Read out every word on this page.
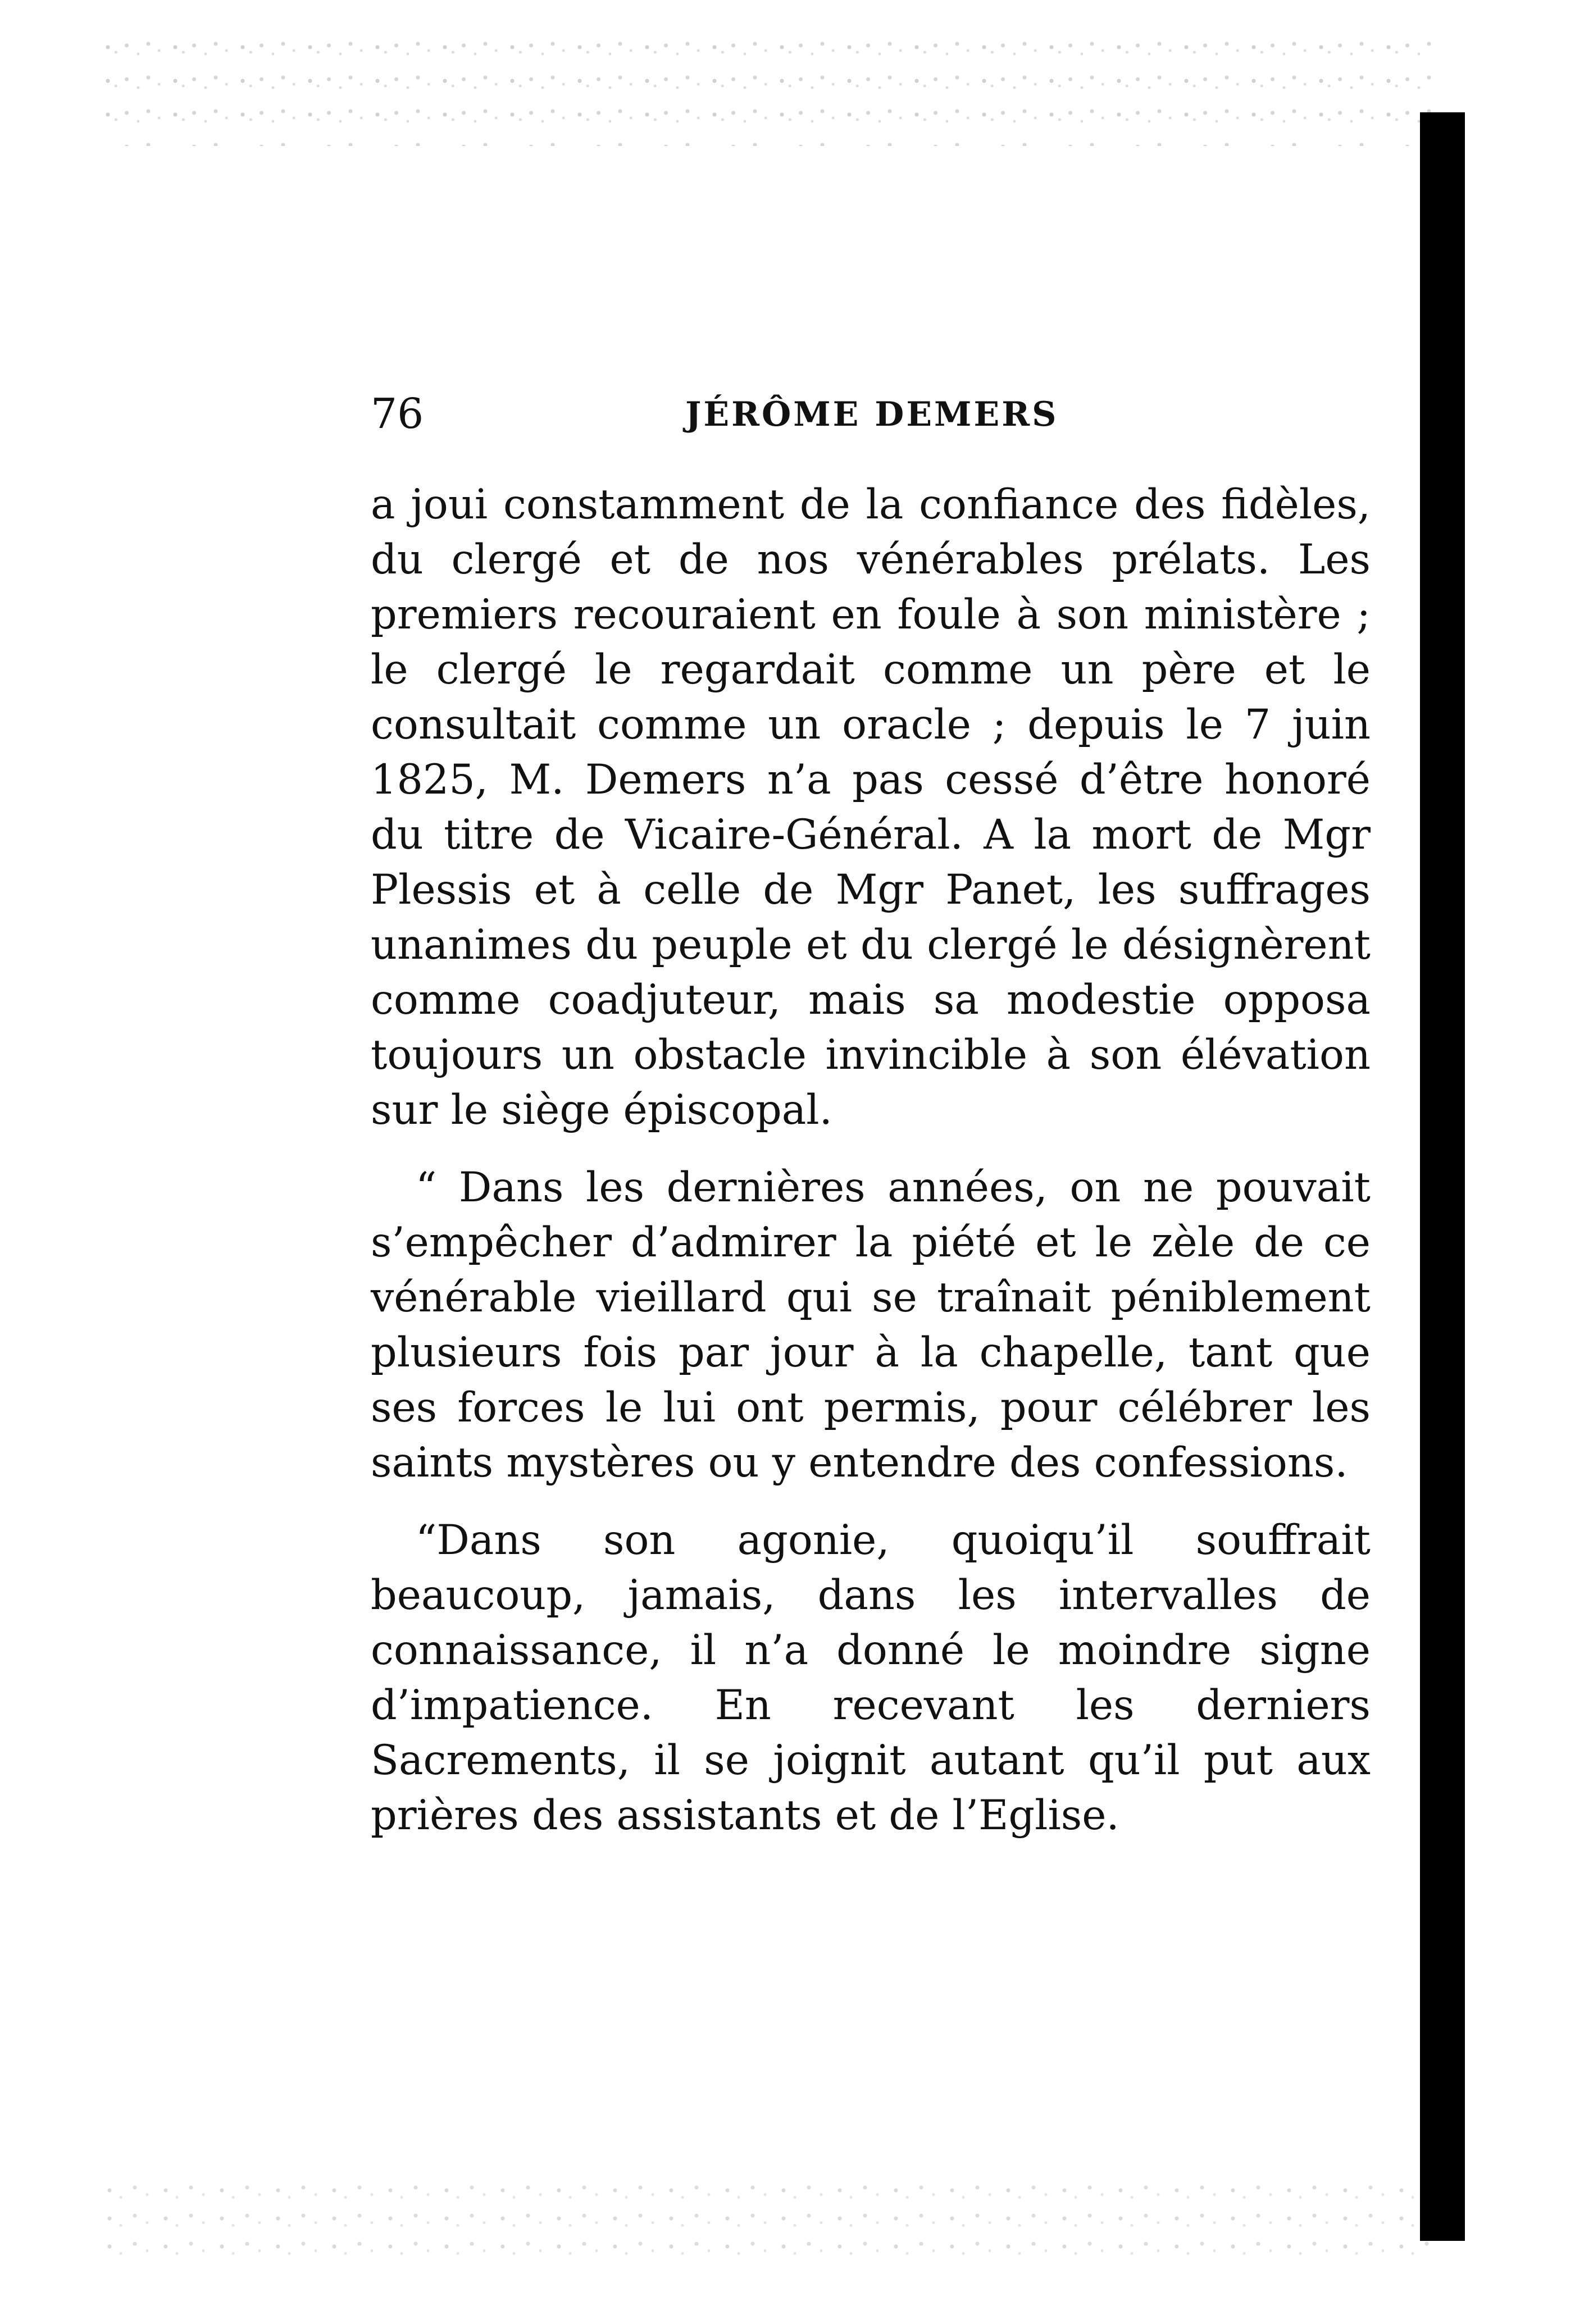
76	JÉRÔME DEMERS

a joui constamment de la confiance des fidèles, du clergé et de nos vénérables prélats. Les premiers recouraient en foule à son ministère ; le clergé le regardait comme un père et le consultait comme un oracle ; depuis le 7 juin 1825, M. Demers n’a pas cessé d’être honoré du titre de Vicaire-Général. A la mort de Mgr Plessis et à celle de Mgr Panet, les suffrages unanimes du peuple et du clergé le désignèrent comme coadjuteur, mais sa modestie opposa toujours un obstacle invincible à son élévation sur le siège épiscopal.

“ Dans les dernières années, on ne pouvait s’empêcher d’admirer la piété et le zèle de ce vénérable vieillard qui se traînait péniblement plusieurs fois par jour à la chapelle, tant que ses forces le lui ont permis, pour célébrer les saints mystères ou y entendre des confessions.

“Dans son agonie, quoiqu’il souffrait beaucoup, jamais, dans les intervalles de connaissance, il n’a donné le moindre signe d’impatience. En recevant les derniers Sacrements, il se joignit autant qu’il put aux prières des assistants et de l’Eglise.
